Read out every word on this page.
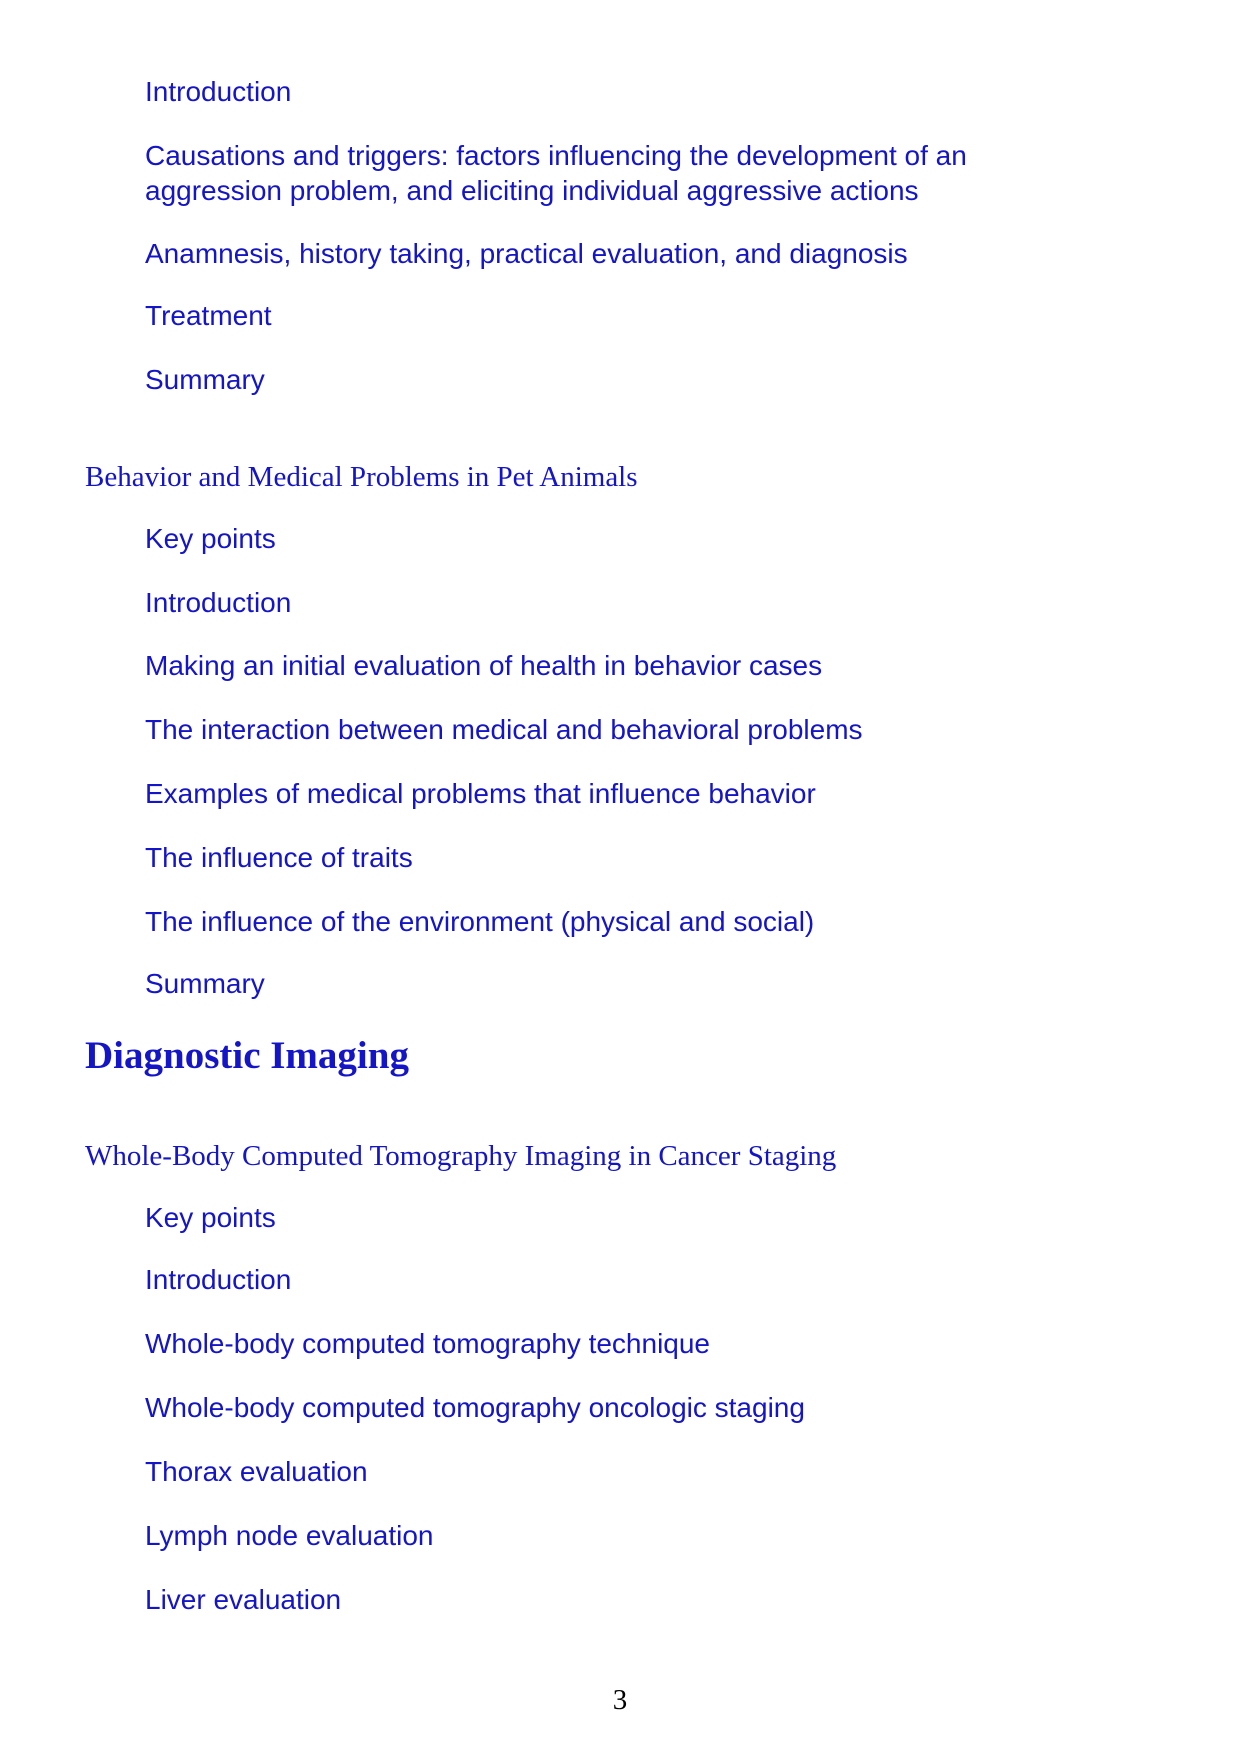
Introduction
Causations and triggers: factors influencing the development of an
aggression problem, and eliciting individual aggressive actions
Anamnesis, history taking, practical evaluation, and diagnosis
Treatment
Summary
Behavior and Medical Problems in Pet Animals
Key points
Introduction
Making an initial evaluation of health in behavior cases
The interaction between medical and behavioral problems
Examples of medical problems that influence behavior
The influence of traits
The influence of the environment (physical and social)
Summary
Diagnostic Imaging
Whole-Body Computed Tomography Imaging in Cancer Staging
Key points
Introduction
Whole-body computed tomography technique
Whole-body computed tomography oncologic staging
Thorax evaluation
Lymph node evaluation
Liver evaluation
3
